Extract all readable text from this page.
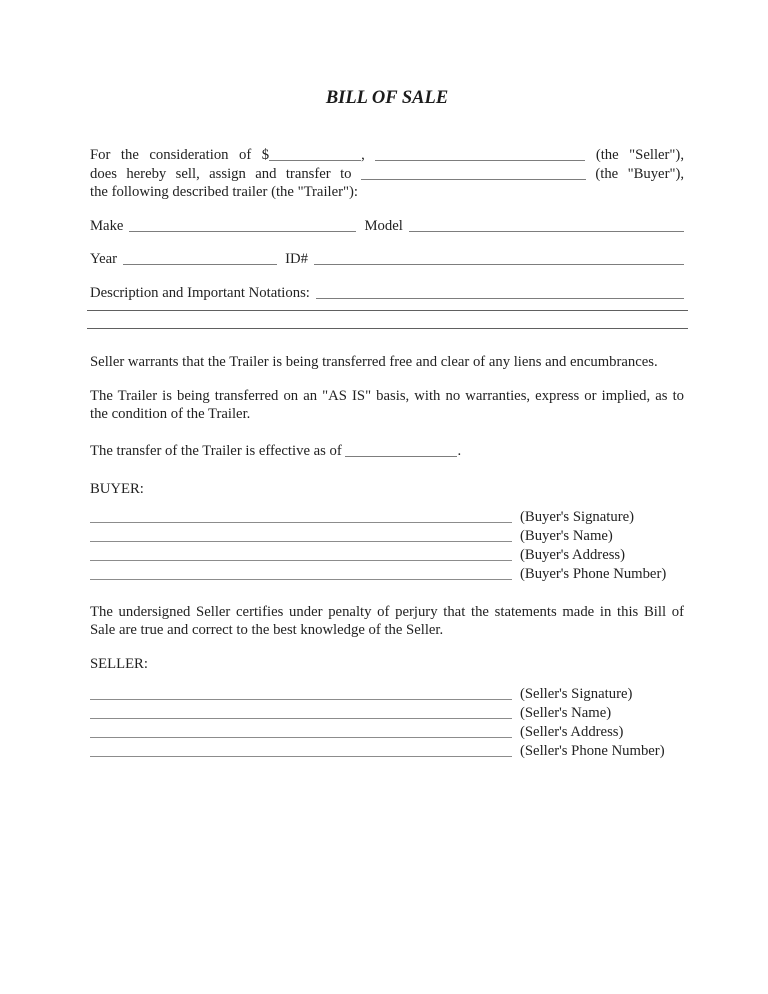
BILL OF SALE
For the consideration of $	,	(the "Seller"),
does hereby sell, assign and transfer to	(the "Buyer"),
the following described trailer (the "Trailer"):
Make	Model
Year	ID#
Description and Important Notations:
Seller warrants that the Trailer is being transferred free and clear of any liens and encumbrances.
The Trailer is being transferred on an "AS IS" basis, with no warranties, express or implied, as to
the condition of the Trailer.
The transfer of the Trailer is effective as of	.
BUYER:
(Buyer's Signature)
(Buyer's Name)
(Buyer's Address)
(Buyer's Phone Number)
The undersigned Seller certifies under penalty of perjury that the statements made in this Bill of
Sale are true and correct to the best knowledge of the Seller.
SELLER:
(Seller's Signature)
(Seller's Name)
(Seller's Address)
(Seller's Phone Number)
